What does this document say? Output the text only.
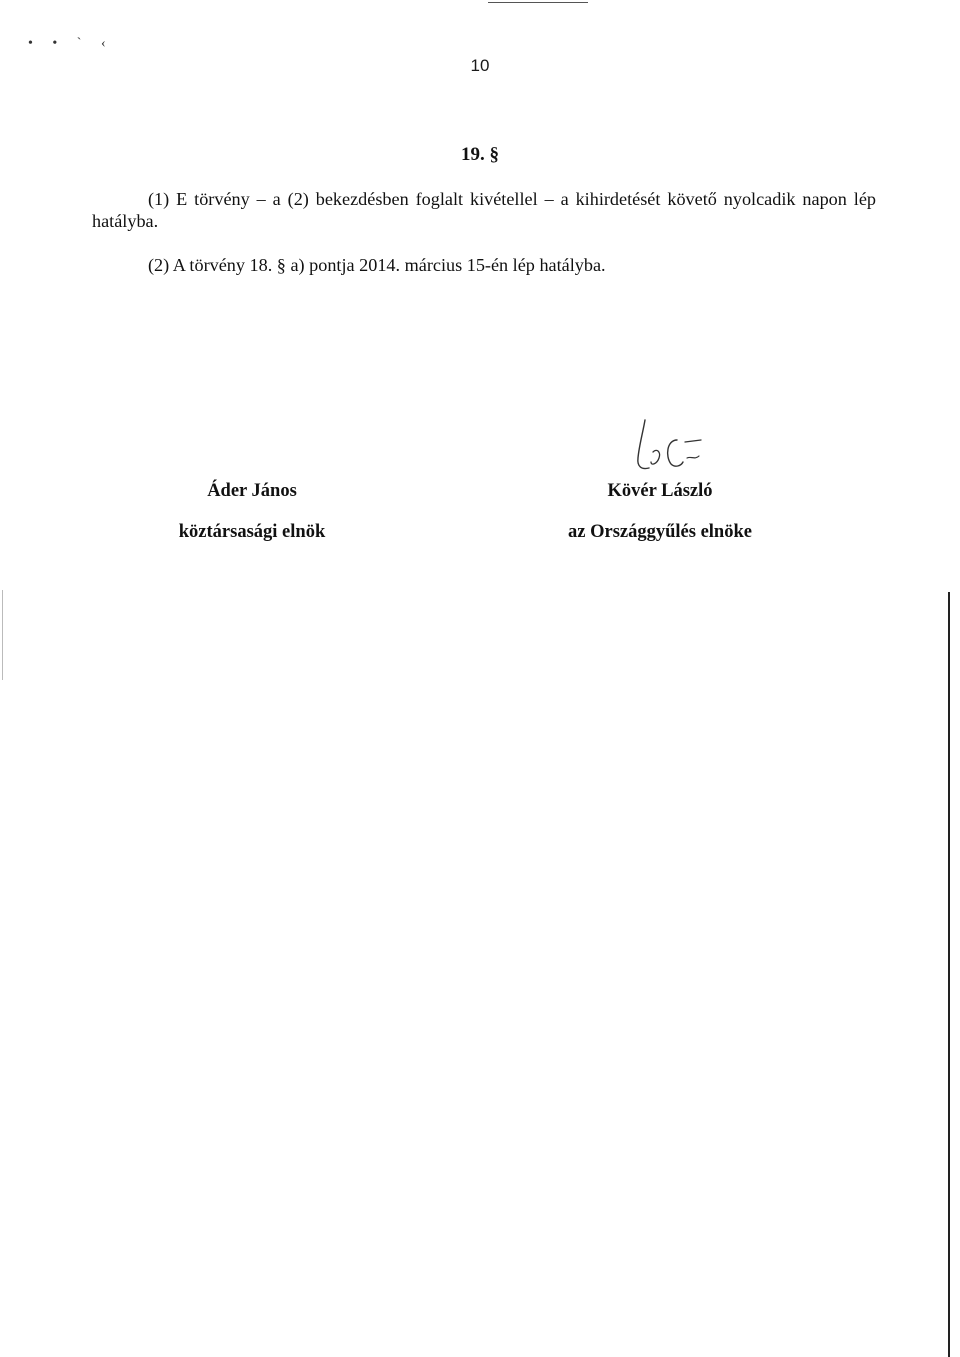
• • ` ‹
10
19. §
(1) E törvény – a (2) bekezdésben foglalt kivétellel – a kihirdetését követő nyolcadik napon lép hatályba.
(2) A törvény 18. § a) pontja 2014. március 15-én lép hatályba.
Áder János
köztársasági elnök
Kövér László
az Országgyűlés elnöke
